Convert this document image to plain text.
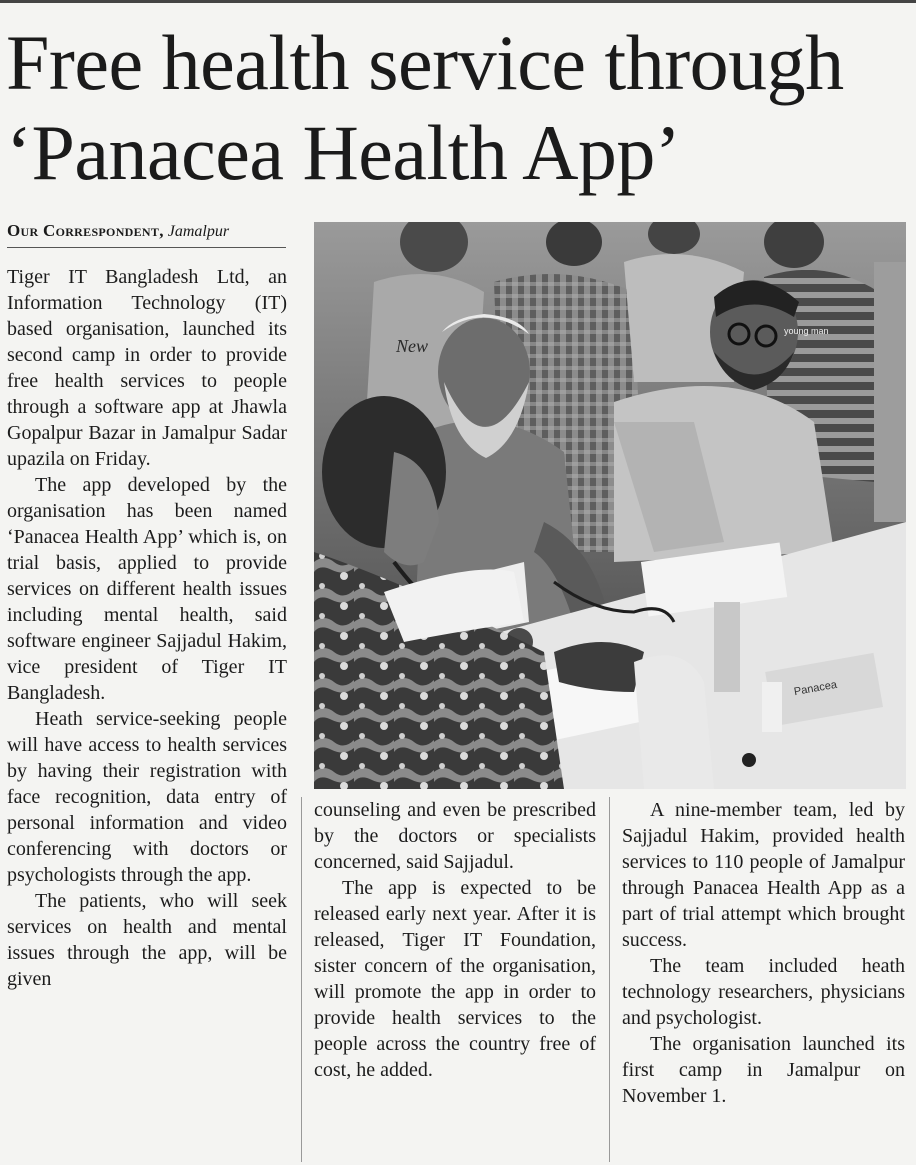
Free health service through
‘Panacea Health App’
Our Correspondent, Jamalpur

Tiger IT Bangladesh Ltd, an Information Technology (IT) based organisation, launched its second camp in order to provide free health services to people through a software app at Jhawla Gopalpur Bazar in Jamalpur Sadar upazila on Friday.

The app developed by the organisation has been named ‘Panacea Health App’ which is, on trial basis, applied to provide services on different health issues including mental health, said software engineer Sajjadul Hakim, vice president of Tiger IT Bangladesh.

Heath service-seeking people will have access to health services by having their registration with face recognition, data entry of personal information and video conferencing with doctors or psychologists through the app.

The patients, who will seek services on health and mental issues through the app, will be given

Panacea
New
young man

counseling and even be prescribed by the doctors or specialists concerned, said Sajjadul.

The app is expected to be released early next year. After it is released, Tiger IT Foundation, sister concern of the organisation, will promote the app in order to provide health services to the people across the country free of cost, he added.

A nine-member team, led by Sajjadul Hakim, provided health services to 110 people of Jamalpur through Panacea Health App as a part of trial attempt which brought success.

The team included heath technology researchers, physicians and psychologist.

The organisation launched its first camp in Jamalpur on November 1.
